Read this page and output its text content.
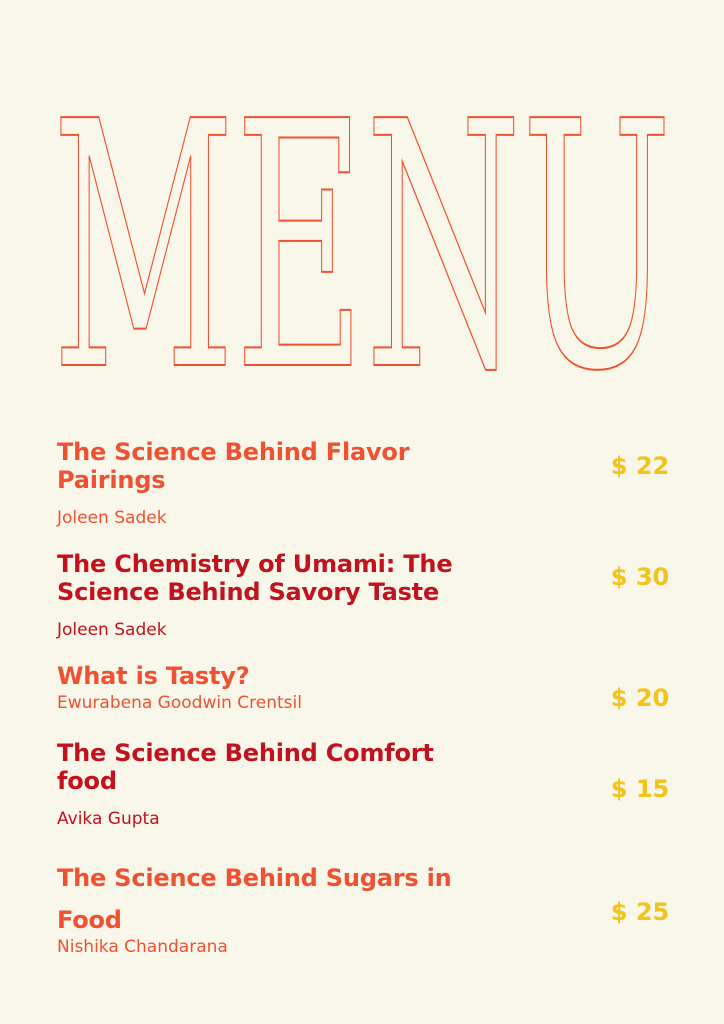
MENU
The Science Behind Flavor
Pairings
Joleen Sadek
$ 22
The Chemistry of Umami: The
Science Behind Savory Taste
Joleen Sadek
$ 30
What is Tasty?
Ewurabena Goodwin Crentsil	$ 20
The Science Behind Comfort
food
Avika Gupta
$ 15
The Science Behind Sugars in
Food
Nishika Chandarana
$ 25
